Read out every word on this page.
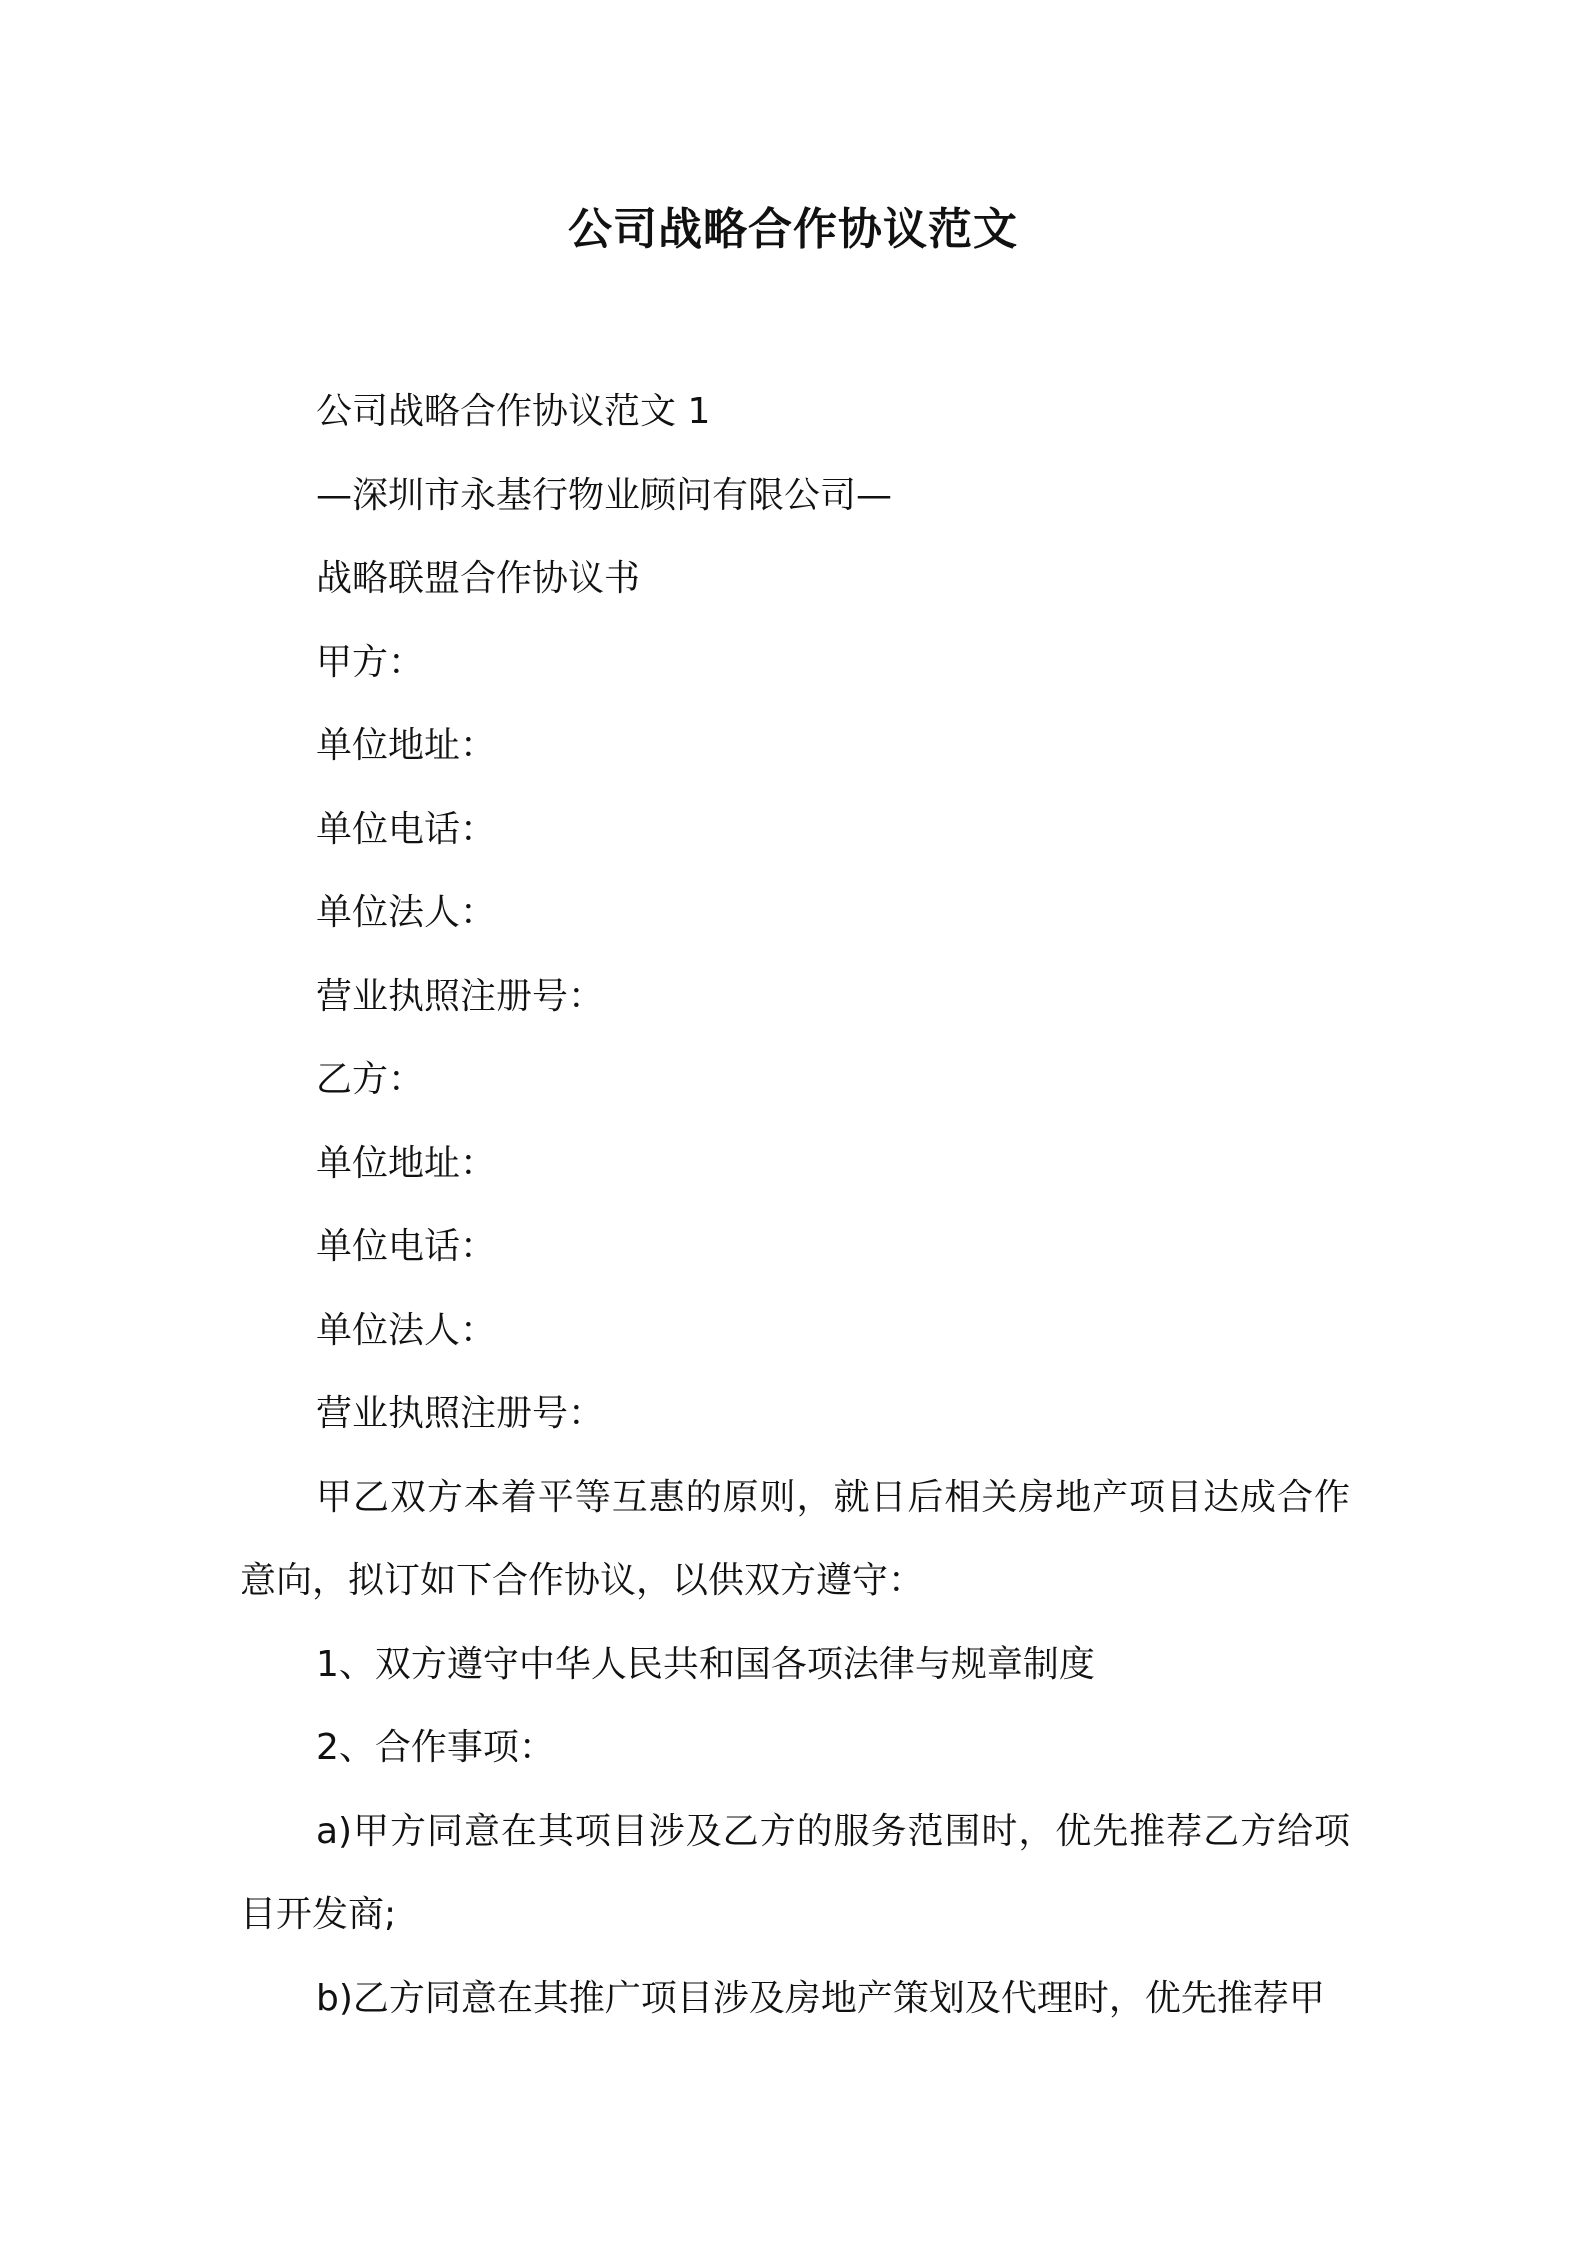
公司战略合作协议范文

公司战略合作协议范文 1

—深圳市永基行物业顾问有限公司—

战略联盟合作协议书

甲方：

单位地址：

单位电话：

单位法人：

营业执照注册号：

乙方：

单位地址：

单位电话：

单位法人：

营业执照注册号：

甲乙双方本着平等互惠的原则，就日后相关房地产项目达成合作意向，拟订如下合作协议，以供双方遵守：

1、双方遵守中华人民共和国各项法律与规章制度

2、合作事项：

a)甲方同意在其项目涉及乙方的服务范围时，优先推荐乙方给项目开发商;

b)乙方同意在其推广项目涉及房地产策划及代理时，优先推荐甲
